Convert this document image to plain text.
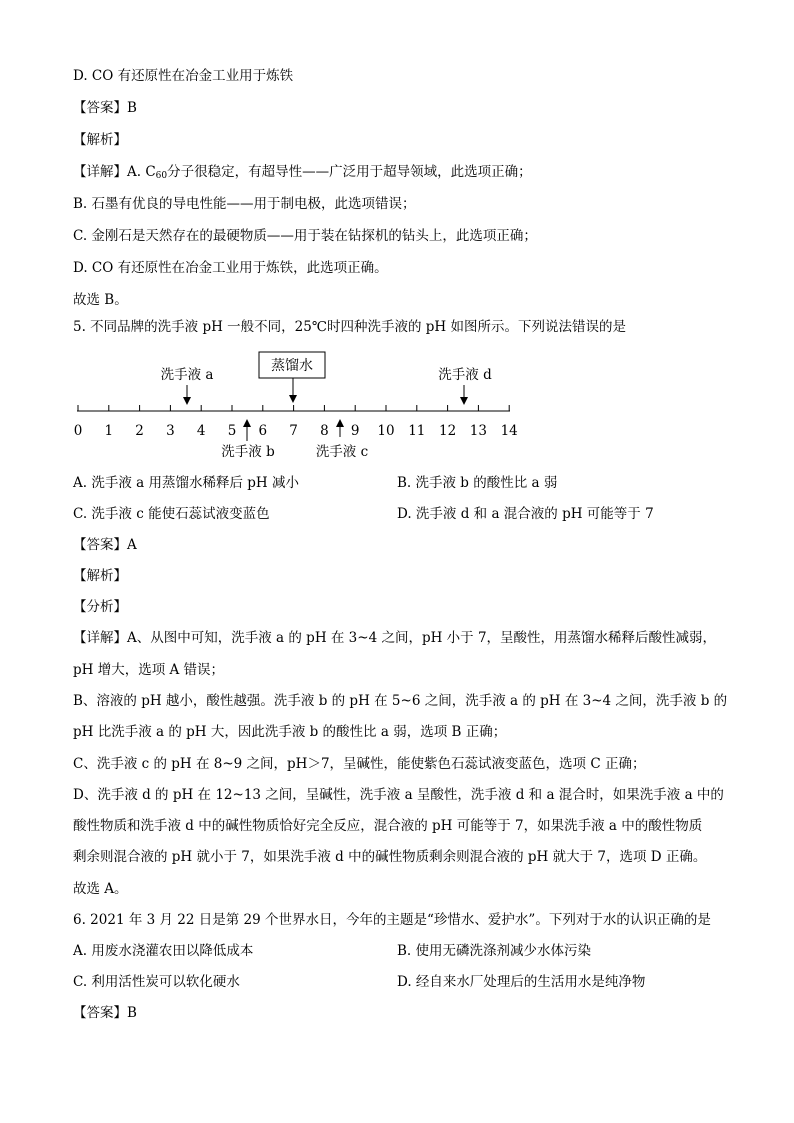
D. CO 有还原性在冶金工业用于炼铁
【答案】B
【解析】
【详解】A. $C_{60}$分子很稳定，有超导性——广泛用于超导领域，此选项正确；
B. 石墨有优良的导电性能——用于制电极，此选项错误；
C. 金刚石是天然存在的最硬物质——用于装在钻探机的钻头上，此选项正确；
D. CO 有还原性在冶金工业用于炼铁，此选项正确。
故选 B。
5. 不同品牌的洗手液 pH 一般不同，25℃时四种洗手液的 pH 如图所示。下列说法错误的是
蒸馏水
洗手液 a	洗手液 d
0 1 2 3 4 5 6 7 8 9 10 11 12 13 14
洗手液 b	洗手液 c
A. 洗手液 a 用蒸馏水稀释后 pH 减小	B. 洗手液 b 的酸性比 a 弱
C. 洗手液 c 能使石蕊试液变蓝色	D. 洗手液 d 和 a 混合液的 pH 可能等于 7
【答案】A
【解析】
【分析】
【详解】A、从图中可知，洗手液 a 的 pH 在 3~4 之间，pH 小于 7，呈酸性，用蒸馏水稀释后酸性减弱，
pH 增大，选项 A 错误；
B、溶液的 pH 越小，酸性越强。洗手液 b 的 pH 在 5~6 之间，洗手液 a 的 pH 在 3~4 之间，洗手液 b 的
pH 比洗手液 a 的 pH 大，因此洗手液 b 的酸性比 a 弱，选项 B 正确；
C、洗手液 c 的 pH 在 8~9 之间，pH＞7，呈碱性，能使紫色石蕊试液变蓝色，选项 C 正确；
D、洗手液 d 的 pH 在 12~13 之间，呈碱性，洗手液 a 呈酸性，洗手液 d 和 a 混合时，如果洗手液 a 中的
酸性物质和洗手液 d 中的碱性物质恰好完全反应，混合液的 pH 可能等于 7，如果洗手液 a 中的酸性物质
剩余则混合液的 pH 就小于 7，如果洗手液 d 中的碱性物质剩余则混合液的 pH 就大于 7，选项 D 正确。
故选 A。
6. 2021 年 3 月 22 日是第 29 个世界水日，今年的主题是“珍惜水、爱护水”。下列对于水的认识正确的是
A. 用废水浇灌农田以降低成本	B. 使用无磷洗涤剂减少水体污染
C. 利用活性炭可以软化硬水	D. 经自来水厂处理后的生活用水是纯净物
【答案】B
